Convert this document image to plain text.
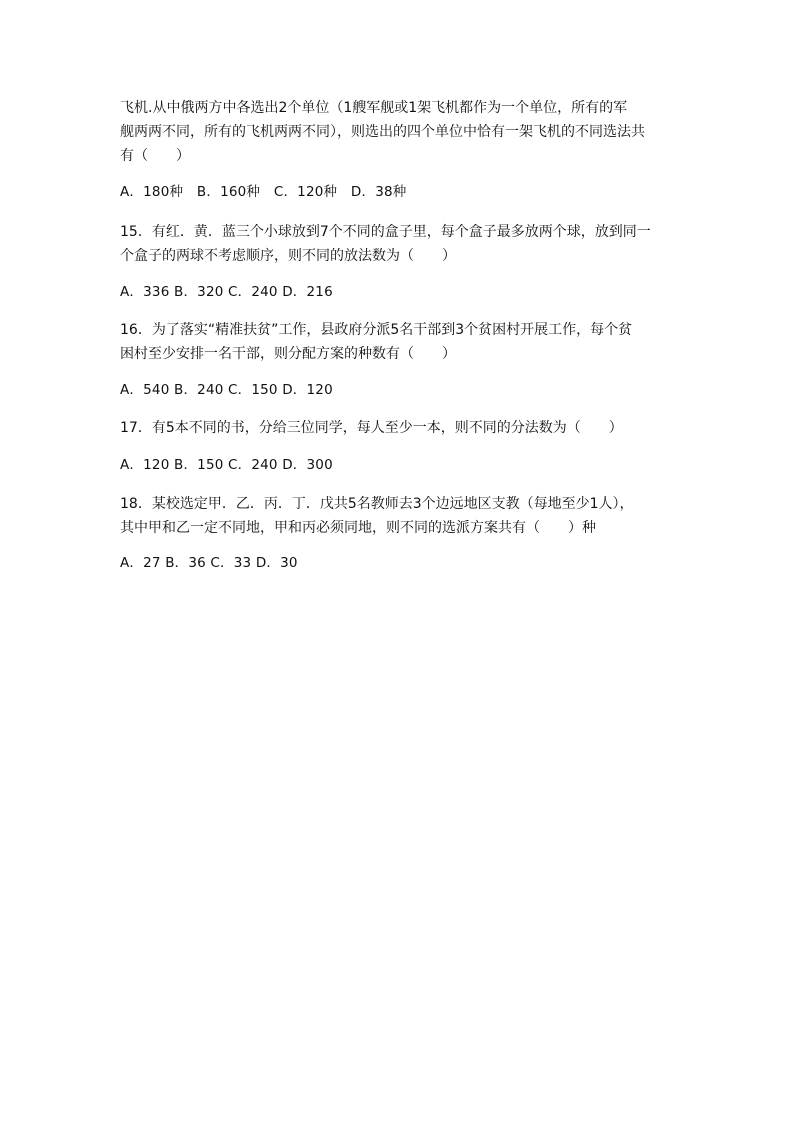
飞机.从中俄两方中各选出2个单位（1艘军舰或1架飞机都作为一个单位，所有的军
舰两两不同，所有的飞机两两不同），则选出的四个单位中恰有一架飞机的不同选法共
有（　　）
A．180种　B．160种　C．120种　D．38种
15．有红．黄．蓝三个小球放到7个不同的盒子里，每个盒子最多放两个球，放到同一
个盒子的两球不考虑顺序，则不同的放法数为（　　）
A．336 B．320 C．240 D．216
16．为了落实“精准扶贫”工作，县政府分派5名干部到3个贫困村开展工作，每个贫
困村至少安排一名干部，则分配方案的种数有（　　）
A．540 B．240 C．150 D．120
17．有5本不同的书，分给三位同学，每人至少一本，则不同的分法数为（　　）
A．120 B．150 C．240 D．300
18．某校选定甲．乙．丙．丁．戊共5名教师去3个边远地区支教（每地至少1人），
其中甲和乙一定不同地，甲和丙必须同地，则不同的选派方案共有（　　）种
A．27 B．36 C．33 D．30
